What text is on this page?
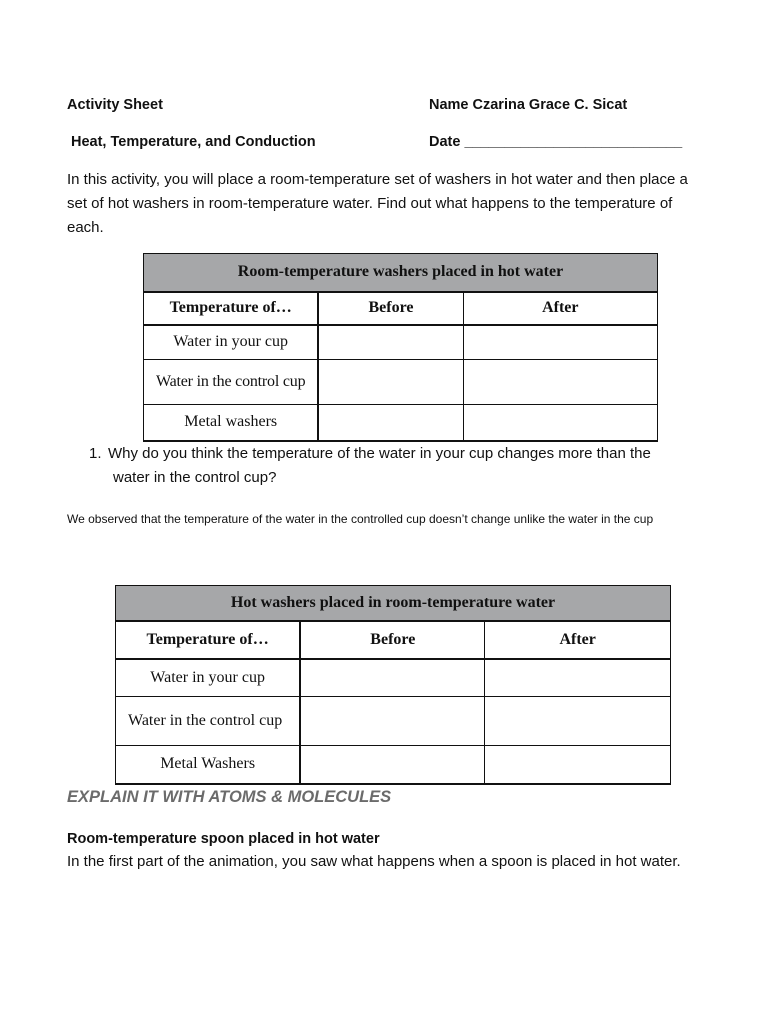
Activity Sheet	Name Czarina Grace C. Sicat
Heat, Temperature, and Conduction	Date ___________________________
In this activity, you will place a room-temperature set of washers in hot water and then place a set of hot washers in room-temperature water. Find out what happens to the temperature of each.
Room-temperature washers placed in hot water		
Temperature of…	Before	After
Water in your cup		
Water in the control cup		
Metal washers		
1. Why do you think the temperature of the water in your cup changes more than the
water in the control cup?
We observed that the temperature of the water in the controlled cup doesn’t change unlike the water in the cup
Hot washers placed in room-temperature water		
Temperature of…	Before	After
Water in your cup		
Water in the control cup		
Metal Washers		
EXPLAIN IT WITH ATOMS & MOLECULES
Room-temperature spoon placed in hot water
In the first part of the animation, you saw what happens when a spoon is placed in hot water.
